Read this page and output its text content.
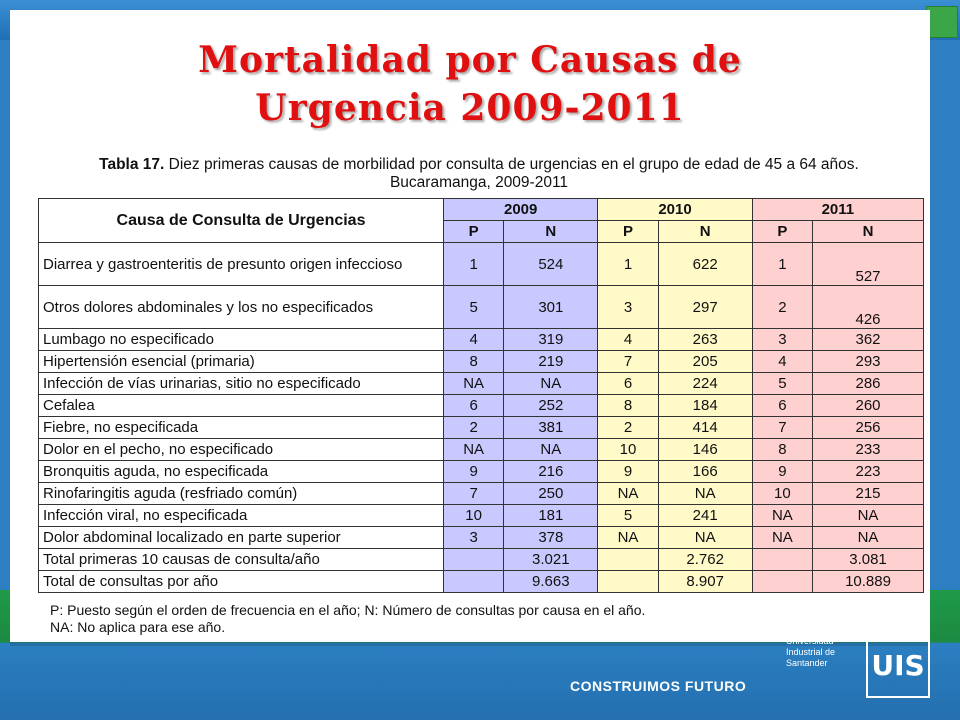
Mortalidad por Causas de
Urgencia 2009-2011
Tabla 17. Diez primeras causas de morbilidad por consulta de urgencias en el grupo de edad de 45 a 64 años.
Bucaramanga, 2009-2011
Causa de Consulta de Urgencias	2009		2010		2011	
	P	N	P	N	P	N
Diarrea y gastroenteritis de presunto origen infeccioso	1	524	1	622	1	527
Otros dolores abdominales y los no especificados	5	301	3	297	2	426
Lumbago no especificado	4	319	4	263	3	362
Hipertensión esencial (primaria)	8	219	7	205	4	293
Infección de vías urinarias, sitio no especificado	NA	NA	6	224	5	286
Cefalea	6	252	8	184	6	260
Fiebre, no especificada	2	381	2	414	7	256
Dolor en el pecho, no especificado	NA	NA	10	146	8	233
Bronquitis aguda, no especificada	9	216	9	166	9	223
Rinofaringitis aguda (resfriado común)	7	250	NA	NA	10	215
Infección viral, no especificada	10	181	5	241	NA	NA
Dolor abdominal localizado en parte superior	3	378	NA	NA	NA	NA
Total primeras 10 causas de consulta/año		3.021		2.762		3.081
Total de consultas por año		9.663		8.907		10.889
P: Puesto según el orden de frecuencia en el año; N: Número de consultas por causa en el año.
NA: No aplica para ese año.
CONSTRUIMOS FUTURO
Universidad Industrial de Santander	UIS
